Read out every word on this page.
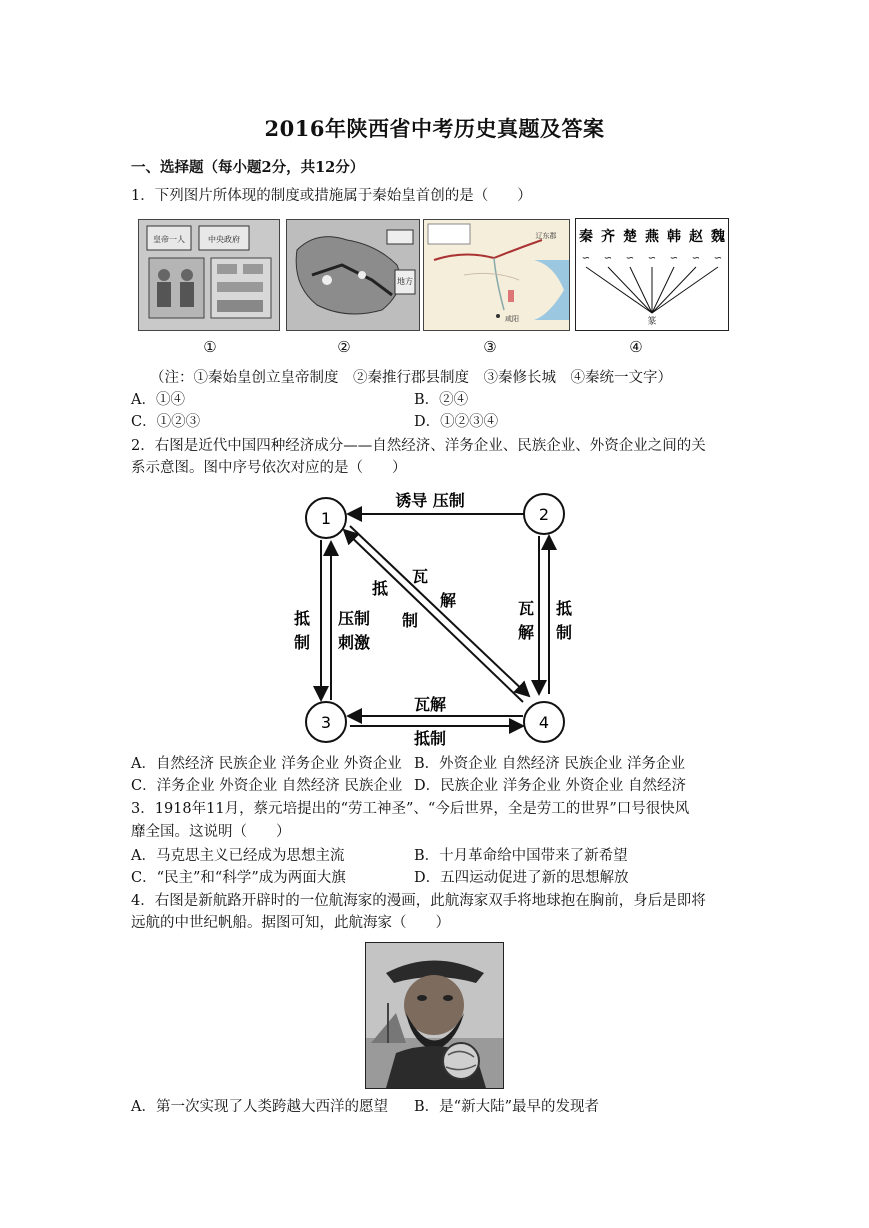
2016年陕西省中考历史真题及答案
一、选择题（每小题2分，共12分）
1．下列图片所体现的制度或措施属于秦始皇首创的是（　　）
皇帝一人	中央政府
地方
辽东郡
咸阳
秦
∽
齐
∽
楚
∽
燕
∽
韩
∽
赵
∽
魏
∽
篆
①	②	③	④
（注：①秦始皇创立皇帝制度　②秦推行郡县制度　③秦修长城　④秦统一文字）
A．①④	B．②④
C．①②③	D．①②③④
2．右图是近代中国四种经济成分——自然经济、洋务企业、民族企业、外资企业之间的关
系示意图。图中序号依次对应的是（　　）
1	2
3	4
诱导 压制
瓦解
抵制
抵
制
压制
刺激
瓦
解
抵
制
抵
制
瓦
解
A．自然经济 民族企业 洋务企业 外资企业 B．外资企业 自然经济 民族企业 洋务企业
C．洋务企业 外资企业 自然经济 民族企业 D．民族企业 洋务企业 外资企业 自然经济
3．1918年11月，蔡元培提出的“劳工神圣”、“今后世界，全是劳工的世界”口号很快风
靡全国。这说明（　　）
A．马克思主义已经成为思想主流	B．十月革命给中国带来了新希望
C．“民主”和“科学”成为两面大旗	D．五四运动促进了新的思想解放
4．右图是新航路开辟时的一位航海家的漫画，此航海家双手将地球抱在胸前，身后是即将
远航的中世纪帆船。据图可知，此航海家（　　）
A．第一次实现了人类跨越大西洋的愿望 B．是“新大陆”最早的发现者
